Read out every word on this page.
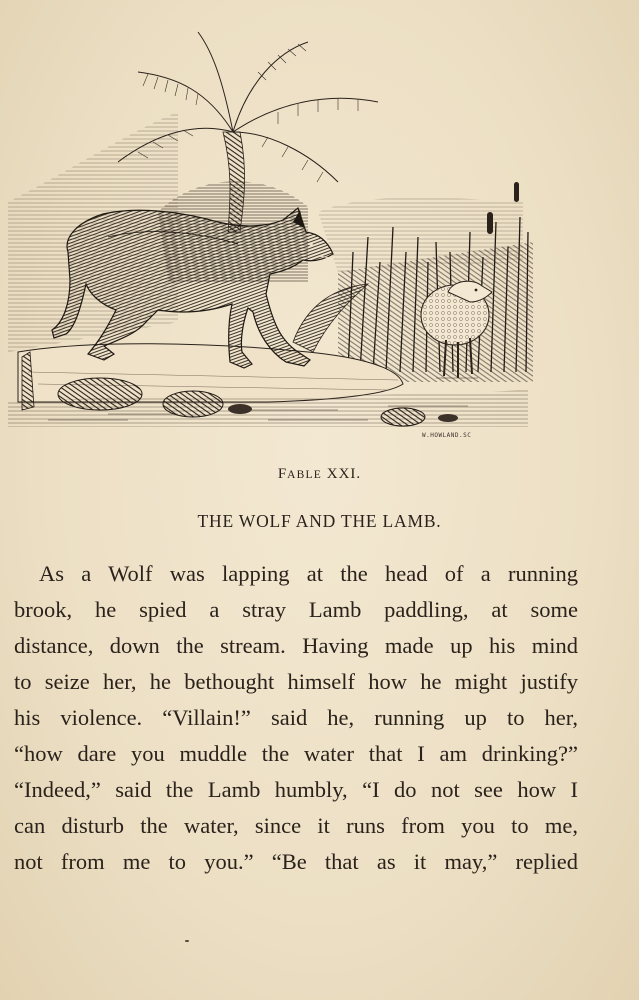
W.HOWLAND.SC
FABLE XXI.
THE WOLF AND THE LAMB.
As a Wolf was lapping at the head of a running
brook, he spied a stray Lamb paddling, at some
distance, down the stream. Having made up his mind
to seize her, he bethought himself how he might justify
his violence. “Villain!” said he, running up to her,
“how dare you muddle the water that I am drinking?”
“Indeed,” said the Lamb humbly, “I do not see how I
can disturb the water, since it runs from you to me,
not from me to you.” “Be that as it may,” replied
